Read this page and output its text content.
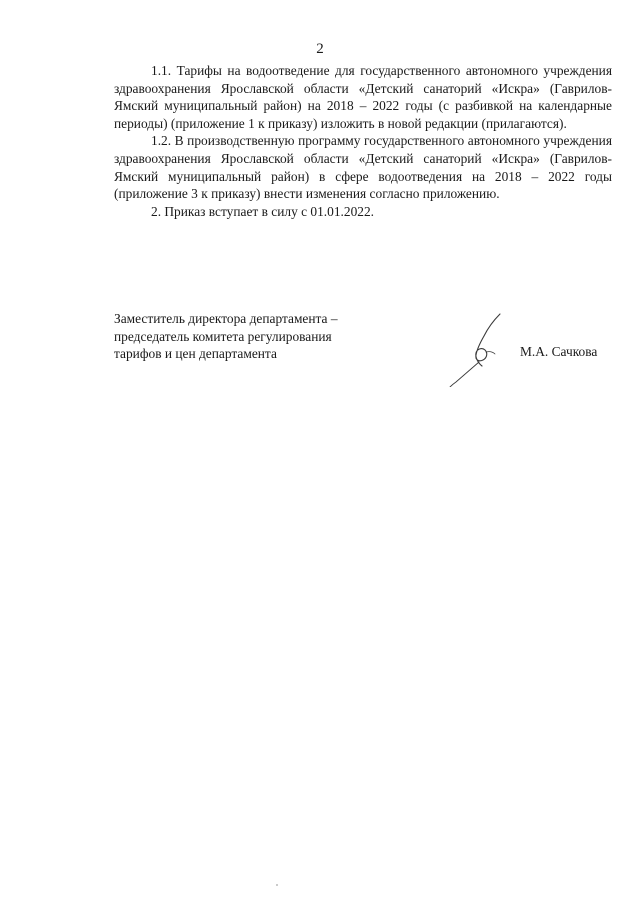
2

1.1. Тарифы на водоотведение для государственного автономного учреждения здравоохранения Ярославской области «Детский санаторий «Искра» (Гаврилов-Ямский муниципальный район) на 2018 – 2022 годы (с разбивкой на календарные периоды) (приложение 1 к приказу) изложить в новой редакции (прилагаются).

1.2. В производственную программу государственного автономного учреждения здравоохранения Ярославской области «Детский санаторий «Искра» (Гаврилов-Ямский муниципальный район) в сфере водоотведения на 2018 – 2022 годы (приложение 3 к приказу) внести изменения согласно приложению.

2. Приказ вступает в силу с 01.01.2022.

Заместитель директора департамента –
председатель комитета регулирования
тарифов и цен департамента	М.А. Сачкова
